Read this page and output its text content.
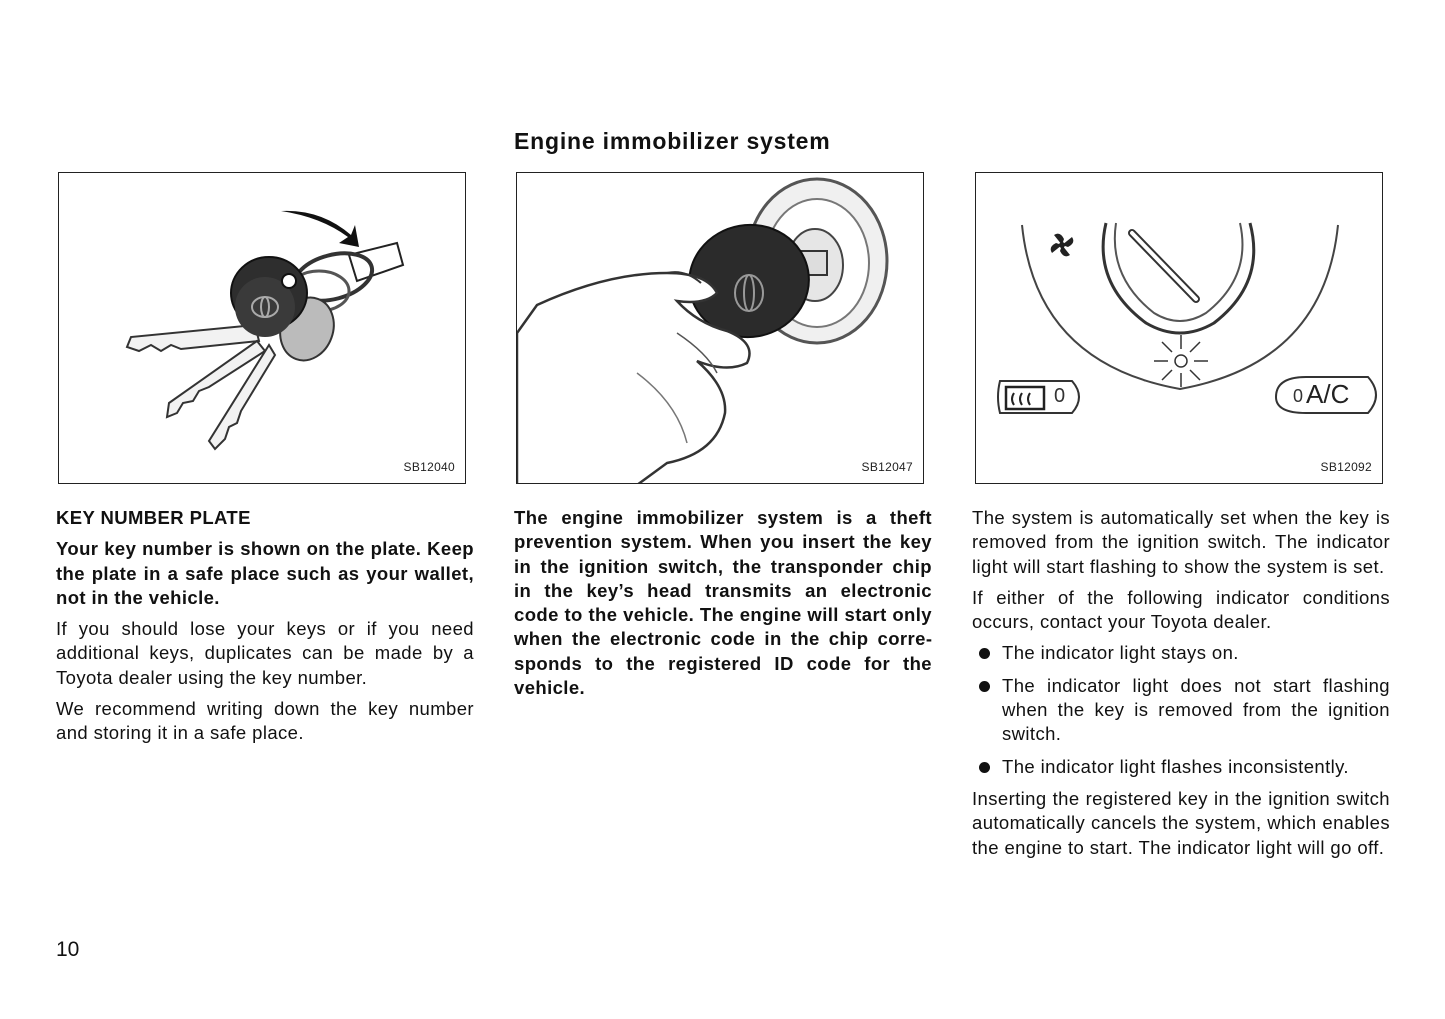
Engine immobilizer system
SB12040	SB12047
0	0 A/C
SB12092

KEY NUMBER PLATE

Your key number is shown on the plate. Keep the plate in a safe place such as your wallet, not in the vehicle.

If you should lose your keys or if you need additional keys, duplicates can be made by a Toyota dealer using the key number.

We recommend writing down the key number and storing it in a safe place.

The engine immobilizer system is a theft prevention system. When you insert the key in the ignition switch, the transponder chip in the key’s head transmits an electronic code to the vehicle. The engine will start only when the electronic code in the chip corresponds to the registered ID code for the vehicle.

The system is automatically set when the key is removed from the ignition switch. The indicator light will start flashing to show the system is set.

If either of the following indicator conditions occurs, contact your Toyota dealer.

The indicator light stays on.
The indicator light does not start flashing when the key is removed from the ignition switch.
The indicator light flashes inconsistently.

Inserting the registered key in the ignition switch automatically cancels the system, which enables the engine to start. The indicator light will go off.

10
